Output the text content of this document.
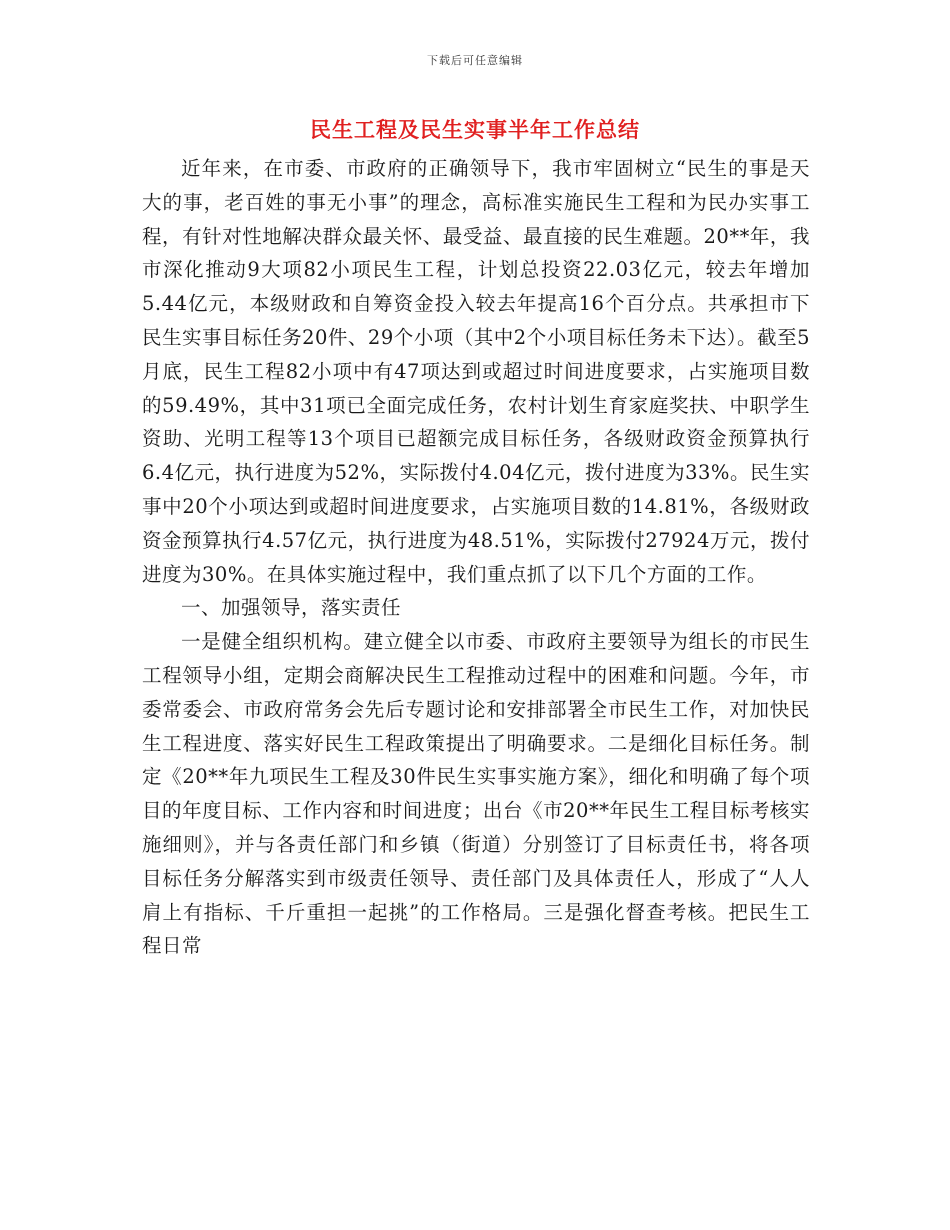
下载后可任意编辑
民生工程及民生实事半年工作总结

近年来，在市委、市政府的正确领导下，我市牢固树立“民生的事是天大的事，老百姓的事无小事”的理念，高标准实施民生工程和为民办实事工程，有针对性地解决群众最关怀、最受益、最直接的民生难题。20**年，我市深化推动9大项82小项民生工程，计划总投资22.03亿元，较去年增加5.44亿元，本级财政和自筹资金投入较去年提高16个百分点。共承担市下民生实事目标任务20件、29个小项（其中2个小项目标任务未下达）。截至5月底，民生工程82小项中有47项达到或超过时间进度要求，占实施项目数的59.49%，其中31项已全面完成任务，农村计划生育家庭奖扶、中职学生资助、光明工程等13个项目已超额完成目标任务，各级财政资金预算执行6.4亿元，执行进度为52%，实际拨付4.04亿元，拨付进度为33%。民生实事中20个小项达到或超时间进度要求，占实施项目数的14.81%，各级财政资金预算执行4.57亿元，执行进度为48.51%，实际拨付27924万元，拨付进度为30%。在具体实施过程中，我们重点抓了以下几个方面的工作。

一、加强领导，落实责任

一是健全组织机构。建立健全以市委、市政府主要领导为组长的市民生工程领导小组，定期会商解决民生工程推动过程中的困难和问题。今年，市委常委会、市政府常务会先后专题讨论和安排部署全市民生工作，对加快民生工程进度、落实好民生工程政策提出了明确要求。二是细化目标任务。制定《20**年九项民生工程及30件民生实事实施方案》，细化和明确了每个项目的年度目标、工作内容和时间进度；出台《市20**年民生工程目标考核实施细则》，并与各责任部门和乡镇（街道）分别签订了目标责任书，将各项目标任务分解落实到市级责任领导、责任部门及具体责任人，形成了“人人肩上有指标、千斤重担一起挑”的工作格局。三是强化督查考核。把民生工程日常
